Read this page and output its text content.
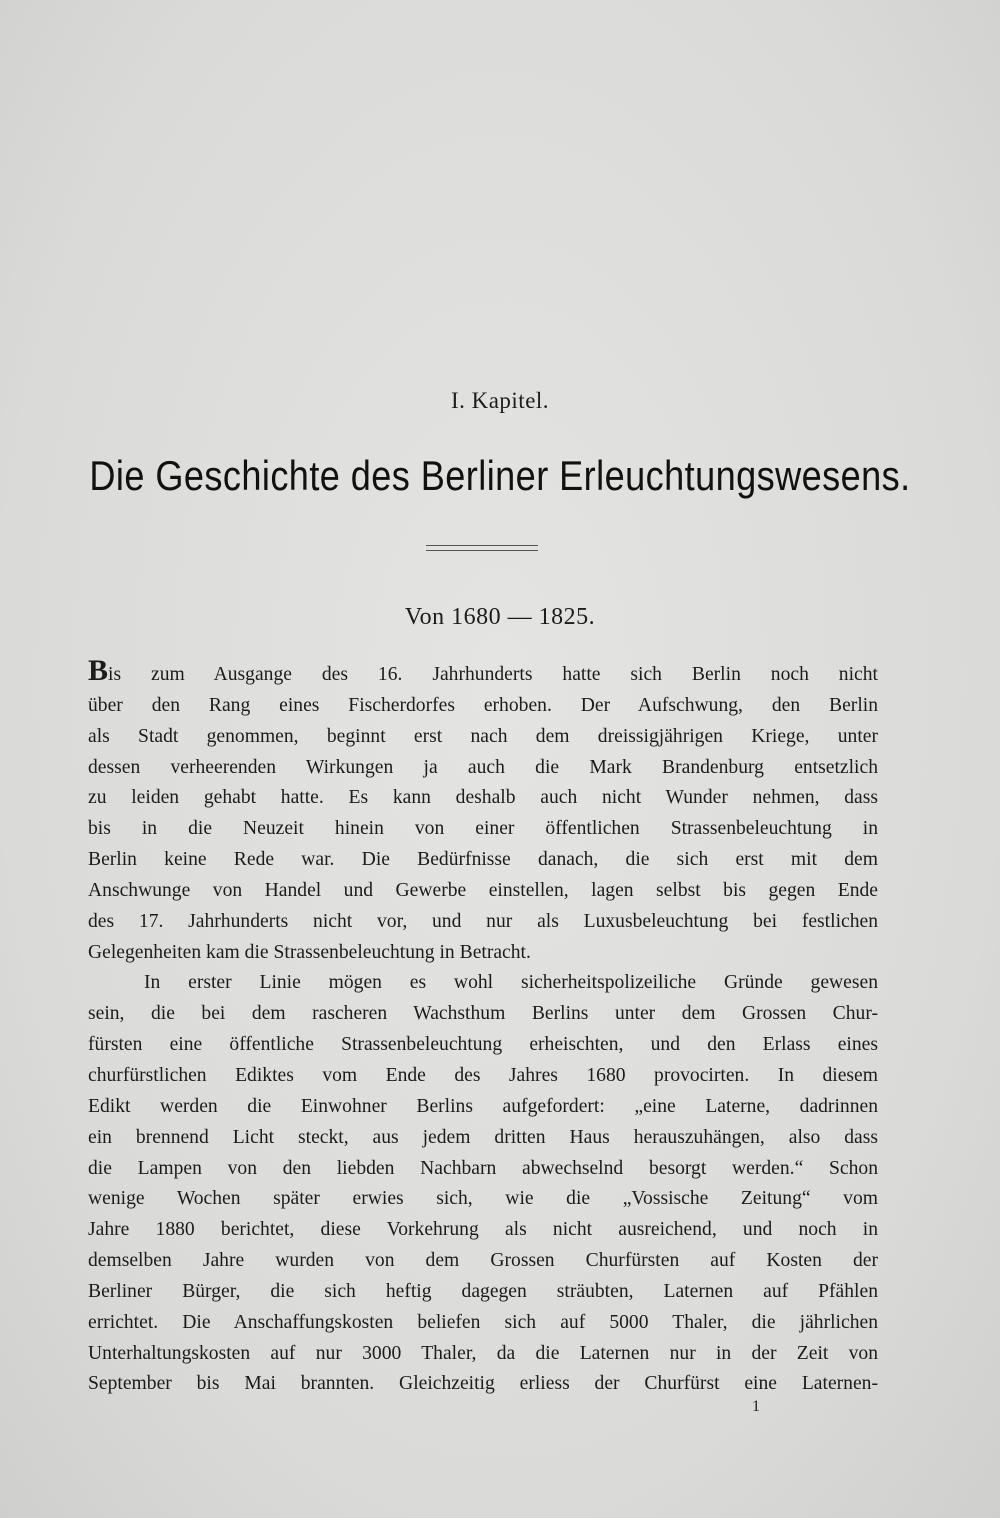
I. Kapitel.
Die Geschichte des Berliner Erleuchtungswesens.
Von 1680 — 1825.
Bis zum Ausgange des 16. Jahrhunderts hatte sich Berlin noch nicht
über den Rang eines Fischerdorfes erhoben. Der Aufschwung, den Berlin
als Stadt genommen, beginnt erst nach dem dreissigjährigen Kriege, unter
dessen verheerenden Wirkungen ja auch die Mark Brandenburg entsetzlich
zu leiden gehabt hatte. Es kann deshalb auch nicht Wunder nehmen, dass
bis in die Neuzeit hinein von einer öffentlichen Strassenbeleuchtung in
Berlin keine Rede war. Die Bedürfnisse danach, die sich erst mit dem
Anschwunge von Handel und Gewerbe einstellen, lagen selbst bis gegen Ende
des 17. Jahrhunderts nicht vor, und nur als Luxusbeleuchtung bei festlichen
Gelegenheiten kam die Strassenbeleuchtung in Betracht.
In erster Linie mögen es wohl sicherheitspolizeiliche Gründe gewesen
sein, die bei dem rascheren Wachsthum Berlins unter dem Grossen Chur-
fürsten eine öffentliche Strassenbeleuchtung erheischten, und den Erlass eines
churfürstlichen Ediktes vom Ende des Jahres 1680 provocirten. In diesem
Edikt werden die Einwohner Berlins aufgefordert: „eine Laterne, dadrinnen
ein brennend Licht steckt, aus jedem dritten Haus herauszuhängen, also dass
die Lampen von den liebden Nachbarn abwechselnd besorgt werden.“ Schon
wenige Wochen später erwies sich, wie die „Vossische Zeitung“ vom
Jahre 1880 berichtet, diese Vorkehrung als nicht ausreichend, und noch in
demselben Jahre wurden von dem Grossen Churfürsten auf Kosten der
Berliner Bürger, die sich heftig dagegen sträubten, Laternen auf Pfählen
errichtet. Die Anschaffungskosten beliefen sich auf 5000 Thaler, die jährlichen
Unterhaltungskosten auf nur 3000 Thaler, da die Laternen nur in der Zeit von
September bis Mai brannten. Gleichzeitig erliess der Churfürst eine Laternen-
1
